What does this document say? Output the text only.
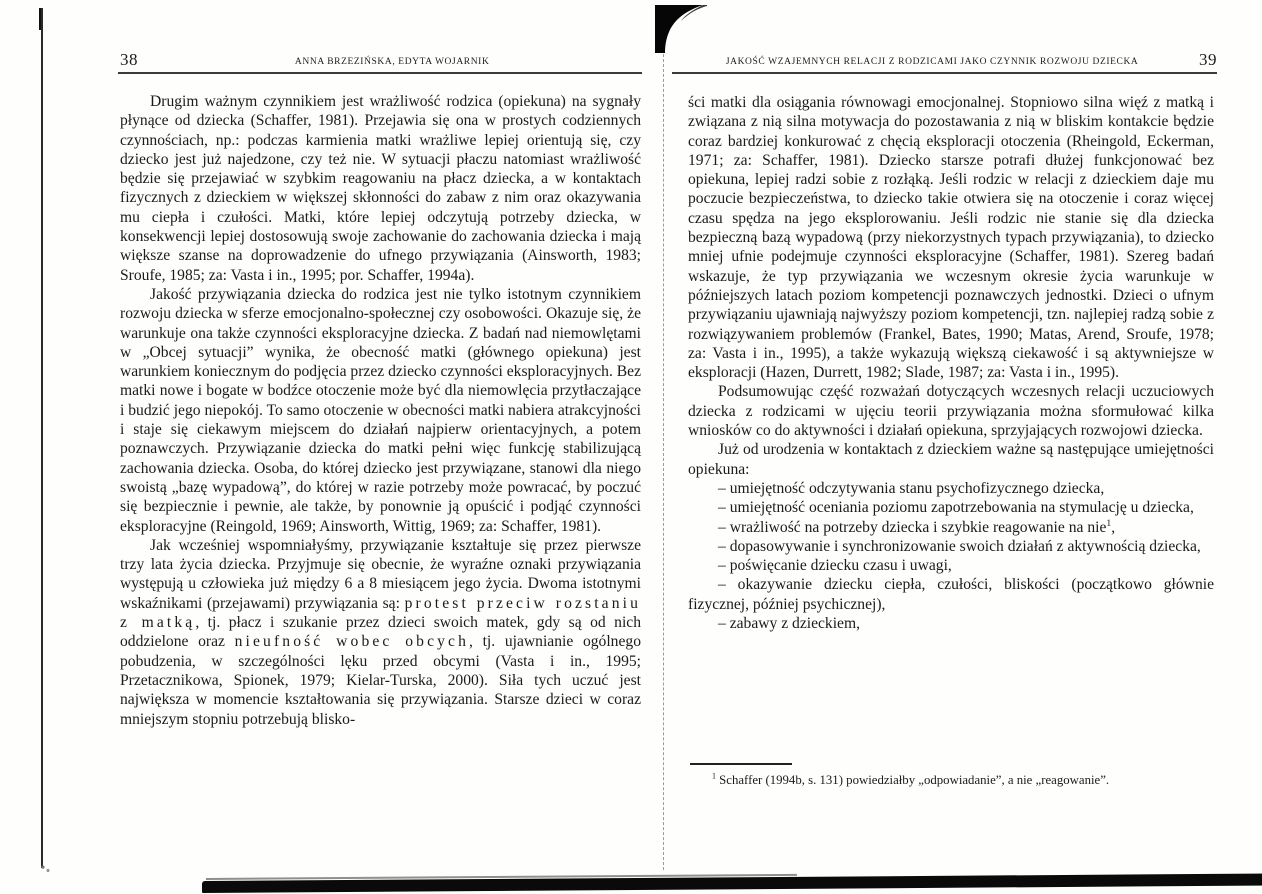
38	ANNA BRZEZIŃSKA, EDYTA WOJARNIK

Drugim ważnym czynnikiem jest wrażliwość rodzica (opiekuna) na sygnały płynące od dziecka (Schaffer, 1981). Przejawia się ona w prostych codziennych czynnościach, np.: podczas karmienia matki wrażliwe lepiej orientują się, czy dziecko jest już najedzone, czy też nie. W sytuacji płaczu natomiast wrażliwość będzie się przejawiać w szybkim reagowaniu na płacz dziecka, a w kontaktach fizycznych z dzieckiem w większej skłonności do zabaw z nim oraz okazywania mu ciepła i czułości. Matki, które lepiej odczytują potrzeby dziecka, w konsekwencji lepiej dostosowują swoje zachowanie do zachowania dziecka i mają większe szanse na doprowadzenie do ufnego przywiązania (Ainsworth, 1983; Sroufe, 1985; za: Vasta i in., 1995; por. Schaffer, 1994a).

Jakość przywiązania dziecka do rodzica jest nie tylko istotnym czynnikiem rozwoju dziecka w sferze emocjonalno-społecznej czy osobowości. Okazuje się, że warunkuje ona także czynności eksploracyjne dziecka. Z badań nad niemowlętami w „Obcej sytuacji” wynika, że obecność matki (głównego opiekuna) jest warunkiem koniecznym do podjęcia przez dziecko czynności eksploracyjnych. Bez matki nowe i bogate w bodźce otoczenie może być dla niemowlęcia przytłaczające i budzić jego niepokój. To samo otoczenie w obecności matki nabiera atrakcyjności i staje się ciekawym miejscem do działań najpierw orientacyjnych, a potem poznawczych. Przywiązanie dziecka do matki pełni więc funkcję stabilizującą zachowania dziecka. Osoba, do której dziecko jest przywiązane, stanowi dla niego swoistą „bazę wypadową”, do której w razie potrzeby może powracać, by poczuć się bezpiecznie i pewnie, ale także, by ponownie ją opuścić i podjąć czynności eksploracyjne (Reingold, 1969; Ainsworth, Wittig, 1969; za: Schaffer, 1981).

Jak wcześniej wspomniałyśmy, przywiązanie kształtuje się przez pierwsze trzy lata życia dziecka. Przyjmuje się obecnie, że wyraźne oznaki przywiązania występują u człowieka już między 6 a 8 miesiącem jego życia. Dwoma istotnymi wskaźnikami (przejawami) przywiązania są: protest przeciw rozstaniu z matką, tj. płacz i szukanie przez dzieci swoich matek, gdy są od nich oddzielone oraz nieufność wobec obcych, tj. ujawnianie ogólnego pobudzenia, w szczególności lęku przed obcymi (Vasta i in., 1995; Przetacznikowa, Spionek, 1979; Kielar-Turska, 2000). Siła tych uczuć jest największa w momencie kształtowania się przywiązania. Starsze dzieci w coraz mniejszym stopniu potrzebują blisko-

JAKOŚĆ WZAJEMNYCH RELACJI Z RODZICAMI JAKO CZYNNIK ROZWOJU DZIECKA	39

ści matki dla osiągania równowagi emocjonalnej. Stopniowo silna więź z matką i związana z nią silna motywacja do pozostawania z nią w bliskim kontakcie będzie coraz bardziej konkurować z chęcią eksploracji otoczenia (Rheingold, Eckerman, 1971; za: Schaffer, 1981). Dziecko starsze potrafi dłużej funkcjonować bez opiekuna, lepiej radzi sobie z rozłąką. Jeśli rodzic w relacji z dzieckiem daje mu poczucie bezpieczeństwa, to dziecko takie otwiera się na otoczenie i coraz więcej czasu spędza na jego eksplorowaniu. Jeśli rodzic nie stanie się dla dziecka bezpieczną bazą wypadową (przy niekorzystnych typach przywiązania), to dziecko mniej ufnie podejmuje czynności eksploracyjne (Schaffer, 1981). Szereg badań wskazuje, że typ przywiązania we wczesnym okresie życia warunkuje w późniejszych latach poziom kompetencji poznawczych jednostki. Dzieci o ufnym przywiązaniu ujawniają najwyższy poziom kompetencji, tzn. najlepiej radzą sobie z rozwiązywaniem problemów (Frankel, Bates, 1990; Matas, Arend, Sroufe, 1978; za: Vasta i in., 1995), a także wykazują większą ciekawość i są aktywniejsze w eksploracji (Hazen, Durrett, 1982; Slade, 1987; za: Vasta i in., 1995).

Podsumowując część rozważań dotyczących wczesnych relacji uczuciowych dziecka z rodzicami w ujęciu teorii przywiązania można sformułować kilka wniosków co do aktywności i działań opiekuna, sprzyjających rozwojowi dziecka.

Już od urodzenia w kontaktach z dzieckiem ważne są następujące umiejętności opiekuna:

– umiejętność odczytywania stanu psychofizycznego dziecka,

– umiejętność oceniania poziomu zapotrzebowania na stymulację u dziecka,

– wrażliwość na potrzeby dziecka i szybkie reagowanie na nie$^1$,

– dopasowywanie i synchronizowanie swoich działań z aktywnością dziecka,

– poświęcanie dziecku czasu i uwagi,

– okazywanie dziecku ciepła, czułości, bliskości (początkowo głównie fizycznej, później psychicznej),

– zabawy z dzieckiem,

$^1$ Schaffer (1994b, s. 131) powiedziałby „odpowiadanie”, a nie „reagowanie”.
